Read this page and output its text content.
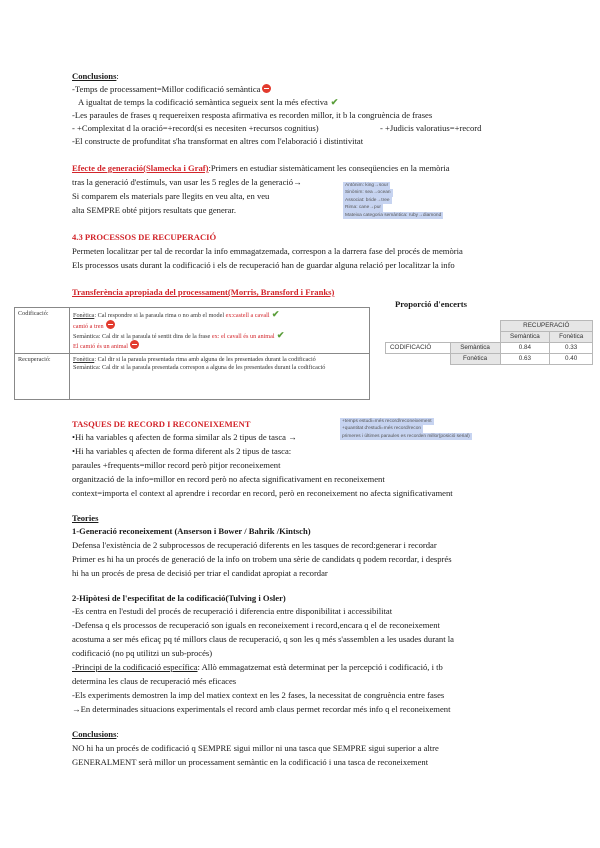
Conclusions:
-Temps de processament=Millor codificació semàntica
A igualtat de temps la codificació semàntica segueix sent la més efectiva ✔
-Les paraules de frases q requereixen resposta afirmativa es recorden millor, it b la congruència de frases
- +Complexitat d la oració=+record(si es necesiten +recursos cognitius)	- +Judicis valoratius=+record
-El constructe de profunditat s'ha transformat en altres com l'elaboració i distintivitat
Efecte de generació(Slamecka i Graf):Primers en estudiar sistemàticament les conseqüencies en la memòria
tras la generació d'estímuls, van usar les 5 regles de la generació→
Si comparem els materials pare llegits en veu alta, en veu
alta SEMPRE obté pitjors resultats que generar.
Antònim: king→sour
Sinònim: sea→ocean
Associat: bride→tree
Rima: cane→pur
Mateixa categoria semàntica: ruby→diamond
4.3 PROCESSOS DE RECUPERACIÓ
Permeten localitzar per tal de recordar la info emmagatzemada, correspon a la darrera fase del procés de memòria
Els processos usats durant la codificació i els de recuperació han de guardar alguna relació per localitzar la info
Transferència apropiada del processament(Morris, Bransford i Franks)
Codificació:	Fonètica: Cal respondre si la paraula rima o no amb el model ex:castell a cavall ✔
camió a tren
Semàntica: Cal dir si la paraula té sentit dins de la frase ex: el cavall és un animal ✔
El camió és un animal
Recuperació:	Fonètica: Cal dir si la paraula presentada rima amb alguna de les presentades durant la codificació
Semàntica: Cal dir si la paraula presentada correspon a alguna de les presentades durant la codificació
Proporció d'encerts
		RECUPERACIÓ	
		Semàntica	Fonètica
CODIFICACIÓ	Semàntica	0.84	0.33
	Fonètica	0.63	0.40
TASQUES DE RECORD I RECONEIXEMENT
•Hi ha variables q afecten de forma similar als 2 tipus de tasca →
•Hi ha variables q afecten de forma diferent als 2 tipus de tasca:
paraules +frequents=millor record però pitjor reconeixement
organització de la info=millor en record però no afecta significativament en reconeixement
context=importa el context al aprendre i recordar en record, però en reconeixement no afecta significativament
+temps estudi=més record/reconeixement
+quantitat d'estudi=més record/recon
primeres i últimes paraules es recorden millor(posició serial)
Teories
1-Generació reconeixement (Anserson i Bower / Bahrik /Kintsch)
Defensa l'existència de 2 subprocessos de recuperació diferents en les tasques de record:generar i recordar
Primer es hi ha un procés de generació de la info on trobem una sèrie de candidats q podem recordar, i després
hi ha un procés de presa de decisió per triar el candidat apropiat a recordar
2-Hipòtesi de l'especifitat de la codificació(Tulving i Osler)
-Es centra en l'estudi del procés de recuperació i diferencia entre disponibilitat i accessibilitat
-Defensa q els processos de recuperació son iguals en reconeixement i record,encara q el de reconeixement
acostuma a ser més eficaç pq té millors claus de recuperació, q son les q més s'assemblen a les usades durant la
codificació (no pq utilitzi un sub-procés)
-Principi de la codificació específica: Allò emmagatzemat està determinat per la percepció i codificació, i tb
determina les claus de recuperació més eficaces
-Els experiments demostren la imp del matiex context en les 2 fases, la necessitat de congruència entre fases
→En determinades situacions experimentals el record amb claus permet recordar més info q el reconeixement
Conclusions:
NO hi ha un procés de codificació q SEMPRE sigui millor ni una tasca que SEMPRE sigui superior a altre
GENERALMENT serà millor un processament semàntic en la codificació i una tasca de reconeixement
